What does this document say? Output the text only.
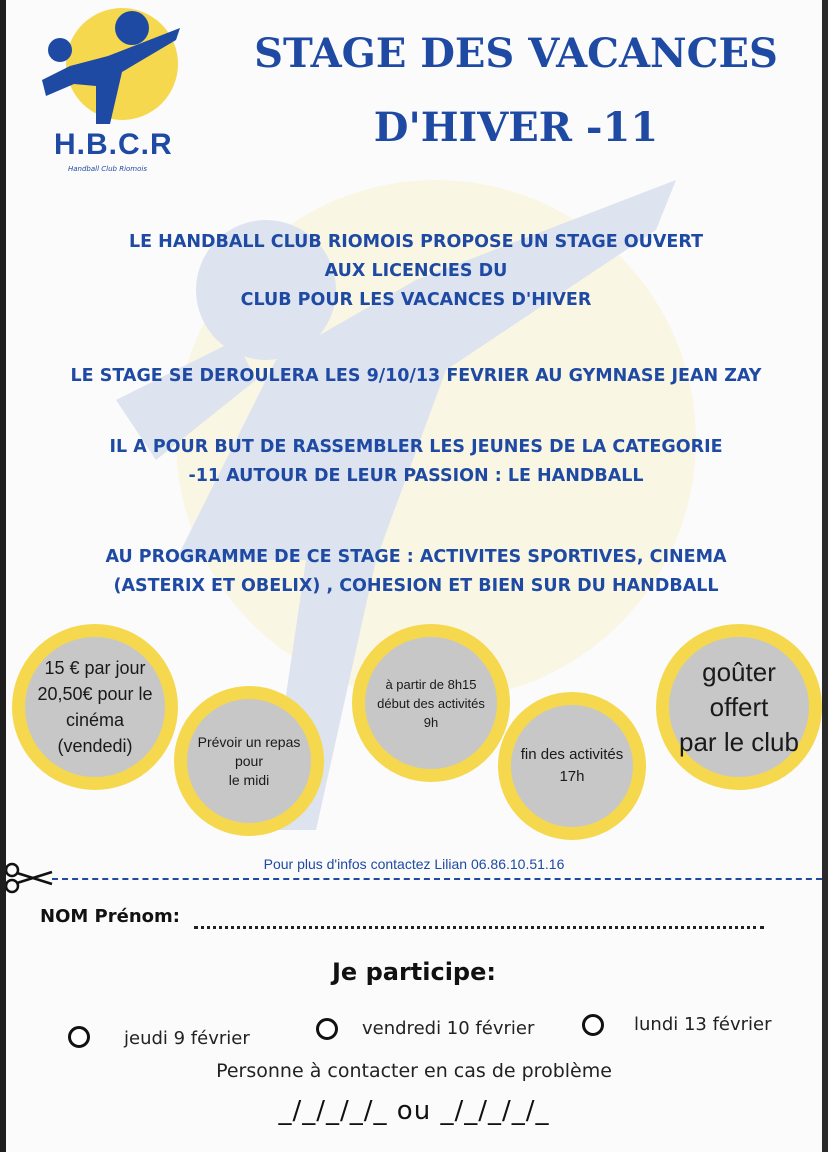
H.B.C.R
Handball Club Riomois
STAGE DES VACANCES
D'HIVER -11
LE HANDBALL CLUB RIOMOIS PROPOSE UN STAGE OUVERT
AUX LICENCIES DU
CLUB POUR LES VACANCES D'HIVER
LE STAGE SE DEROULERA LES 9/10/13 FEVRIER AU GYMNASE JEAN ZAY
IL A POUR BUT DE RASSEMBLER LES JEUNES DE LA CATEGORIE
-11 AUTOUR DE LEUR PASSION : LE HANDBALL
AU PROGRAMME DE CE STAGE : ACTIVITES SPORTIVES, CINEMA
(ASTERIX ET OBELIX) , COHESION ET BIEN SUR DU HANDBALL
15 € par jour
20,50€ pour le
cinéma
(vendedi)	Prévoir un repas
pour
le midi
à partir de 8h15
début des activités
9h
fin des activités
17h
goûter
offert
par le club
Pour plus d'infos contactez Lilian 06.86.10.51.16
NOM Prénom:
Je participe:
jeudi 9 février	vendredi 10 février	lundi 13 février
Personne à contacter en cas de problème
_/_/_/_/_ ou _/_/_/_/_
